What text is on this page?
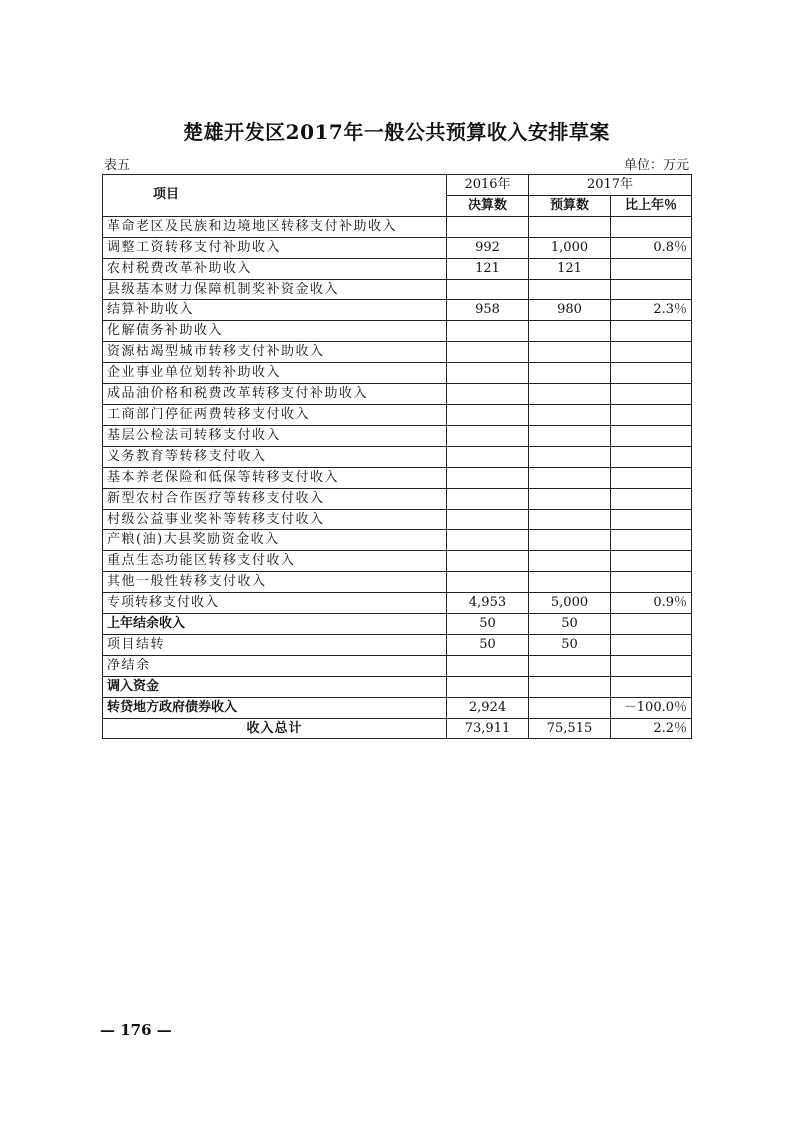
楚雄开发区2017年一般公共预算收入安排草案
表五	单位：万元
项目	2016年	2017年	
	决算数	预算数	比上年％
革命老区及民族和边境地区转移支付补助收入			
调整工资转移支付补助收入	992	1,000	0.8％
农村税费改革补助收入	121	121	
县级基本财力保障机制奖补资金收入			
结算补助收入	958	980	2.3％
化解债务补助收入			
资源枯竭型城市转移支付补助收入			
企业事业单位划转补助收入			
成品油价格和税费改革转移支付补助收入			
工商部门停征两费转移支付收入			
基层公检法司转移支付收入			
义务教育等转移支付收入			
基本养老保险和低保等转移支付收入			
新型农村合作医疗等转移支付收入			
村级公益事业奖补等转移支付收入			
产粮(油)大县奖励资金收入			
重点生态功能区转移支付收入			
其他一般性转移支付收入			
专项转移支付收入	4,953	5,000	0.9％
上年结余收入	50	50	
项目结转	50	50	
净结余			
调入资金			
转贷地方政府债券收入	2,924		－100.0％
收入总计	73,911	75,515	2.2％
— 176 —
